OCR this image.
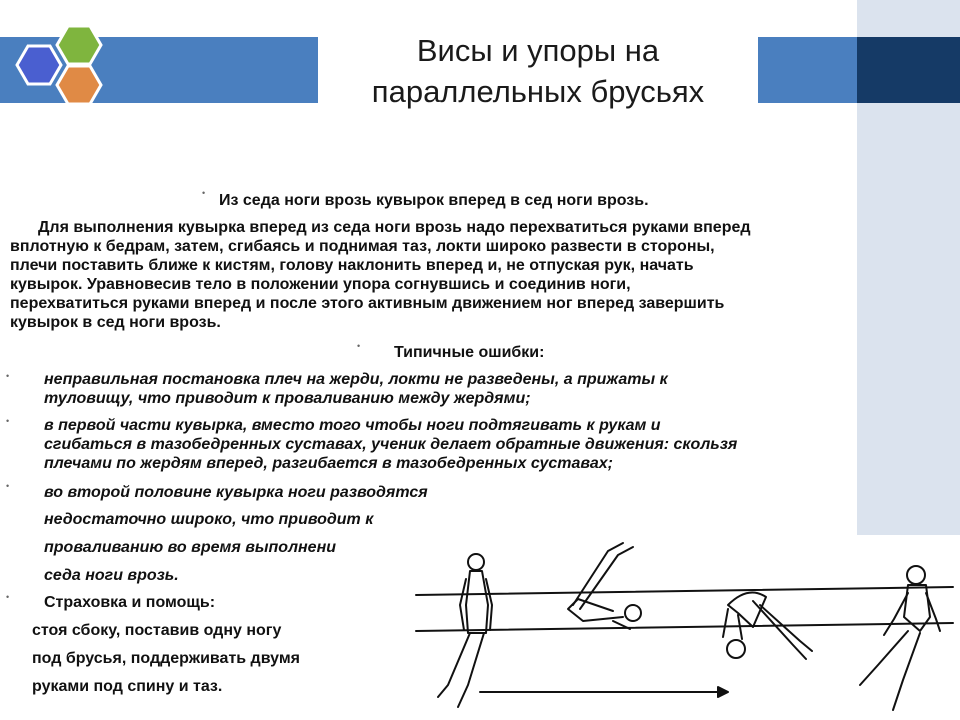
Висы и упоры на
параллельных брусьях
• Из седа ноги врозь кувырок вперед в сед ноги врозь.
Для выполнения кувырка вперед из седа ноги врозь надо перехватиться руками вперед
вплотную к бедрам, затем, сгибаясь и поднимая таз, локти широко развести в стороны,
плечи поставить ближе к кистям, голову наклонить вперед и, не отпуская рук, начать
кувырок. Уравновесив тело в положении упора согнувшись и соединив ноги,
перехватиться руками вперед и после этого активным движением ног вперед завершить
кувырок в сед ноги врозь.
• Типичные ошибки:
• неправильная постановка плеч на жерди, локти не разведены, а прижаты к
туловищу, что приводит к проваливанию между жердями;
• в первой части кувырка, вместо того чтобы ноги подтягивать к рукам и
сгибаться в тазобедренных суставах, ученик делает обратные движения: скользя
плечами по жердям вперед, разгибается в тазобедренных суставах;
• во второй половине кувырка ноги разводятся
недостаточно широко, что приводит к
проваливанию во время выполнени
седа ноги врозь.
• Страховка и помощь:
стоя сбоку, поставив одну ногу
под брусья, поддерживать двумя
руками под спину и таз.
